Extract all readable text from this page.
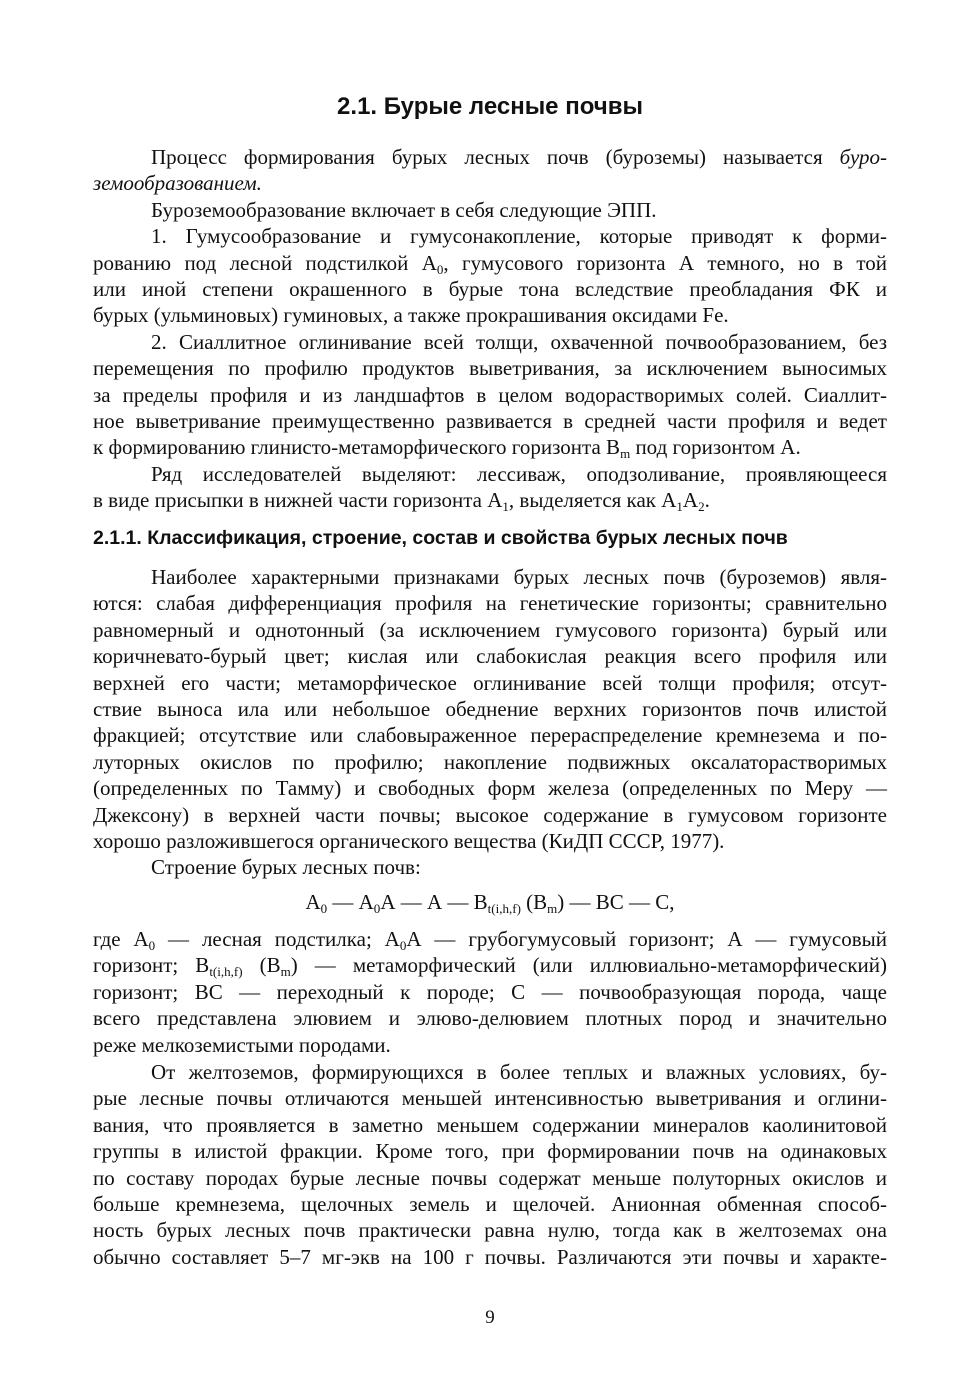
2.1. Бурые лесные почвы
Процесс формирования бурых лесных почв (буроземы) называется буро-
земообразованием.
Буроземообразование включает в себя следующие ЭПП.
1. Гумусообразование и гумусонакопление, которые приводят к форми-
рованию под лесной подстилкой $А_0$, гумусового горизонта А темного, но в той
или иной степени окрашенного в бурые тона вследствие преобладания ФК и
бурых (ульминовых) гуминовых, а также прокрашивания оксидами Fe.
2. Сиаллитное оглинивание всей толщи, охваченной почвообразованием, без
перемещения по профилю продуктов выветривания, за исключением выносимых
за пределы профиля и из ландшафтов в целом водорастворимых солей. Сиаллит-
ное выветривание преимущественно развивается в средней части профиля и ведет
к формированию глинисто-метаморфического горизонта $B_m$ под горизонтом А.
Ряд исследователей выделяют: лессиваж, оподзоливание, проявляющееся
в виде присыпки в нижней части горизонта $А_1$, выделяется как $А_1А_2$.
2.1.1. Классификация, строение, состав и свойства бурых лесных почв
Наиболее характерными признаками бурых лесных почв (буроземов) явля-
ются: слабая дифференциация профиля на генетические горизонты; сравнительно
равномерный и однотонный (за исключением гумусового горизонта) бурый или
коричневато-бурый цвет; кислая или слабокислая реакция всего профиля или
верхней его части; метаморфическое оглинивание всей толщи профиля; отсут-
ствие выноса ила или небольшое обеднение верхних горизонтов почв илистой
фракцией; отсутствие или слабовыраженное перераспределение кремнезема и по-
луторных окислов по профилю; накопление подвижных оксалаторастворимых
(определенных по Тамму) и свободных форм железа (определенных по Меру —
Джексону) в верхней части почвы; высокое содержание в гумусовом горизонте
хорошо разложившегося органического вещества (КиДП СССР, 1977).
Строение бурых лесных почв:
$А_0$ — $А_0А$ — А — $B_{t(i,h,f)}$ $(B_m)$ — ВС — С,
где $А_0$ — лесная подстилка; $А_0А$ — грубогумусовый горизонт; А — гумусовый
горизонт; $B_{t(i,h,f)}$ $(B_m)$ — метаморфический (или иллювиально-метаморфический)
горизонт; ВС — переходный к породе; С — почвообразующая порода, чаще
всего представлена элювием и элюво-делювием плотных пород и значительно
реже мелкоземистыми породами.
От желтоземов, формирующихся в более теплых и влажных условиях, бу-
рые лесные почвы отличаются меньшей интенсивностью выветривания и оглини-
вания, что проявляется в заметно меньшем содержании минералов каолинитовой
группы в илистой фракции. Кроме того, при формировании почв на одинаковых
по составу породах бурые лесные почвы содержат меньше полуторных окислов и
больше кремнезема, щелочных земель и щелочей. Анионная обменная способ-
ность бурых лесных почв практически равна нулю, тогда как в желтоземах она
обычно составляет 5–7 мг-экв на 100 г почвы. Различаются эти почвы и характе-
9
